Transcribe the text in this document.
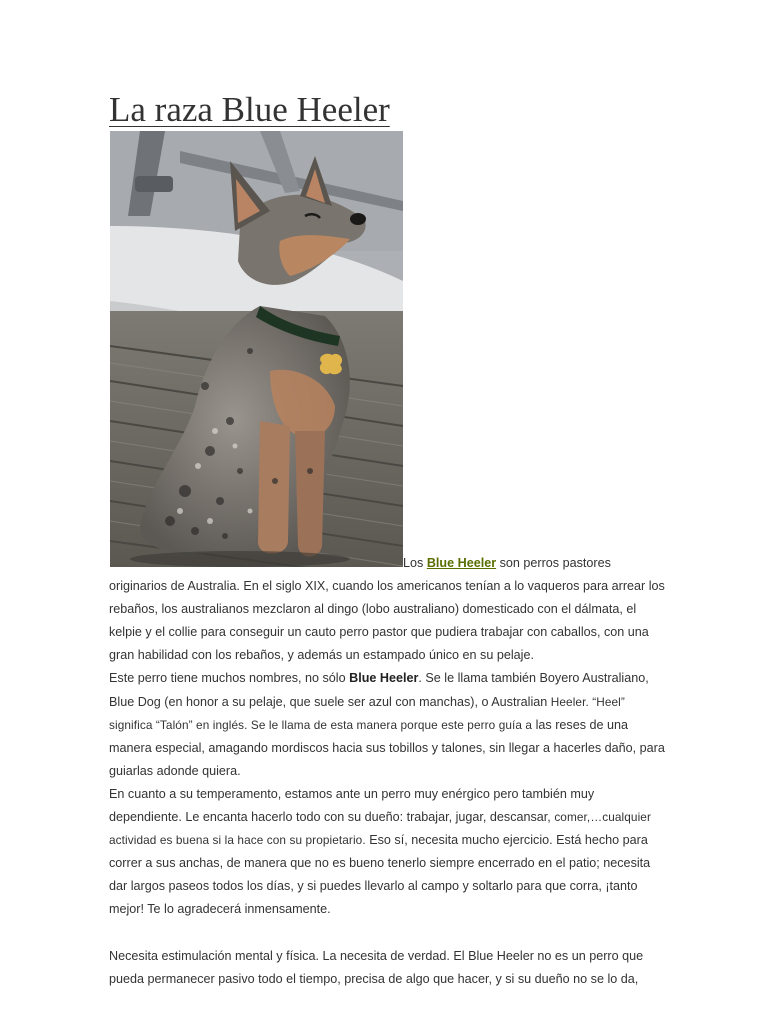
La raza Blue Heeler

Los Blue Heeler son perros pastores originarios de Australia. En el siglo XIX, cuando los americanos tenían a lo vaqueros para arrear los rebaños, los australianos mezclaron al dingo (lobo australiano) domesticado con el dálmata, el kelpie y el collie para conseguir un cauto perro pastor que pudiera trabajar con caballos, con una gran habilidad con los rebaños, y además un estampado único en su pelaje.

Este perro tiene muchos nombres, no sólo Blue Heeler. Se le llama también Boyero Australiano, Blue Dog (en honor a su pelaje, que suele ser azul con manchas), o Australian Heeler. “Heel” significa “Talón” en inglés. Se le llama de esta manera porque este perro guía a las reses de una manera especial, amagando mordiscos hacia sus tobillos y talones, sin llegar a hacerles daño, para guiarlas adonde quiera.

En cuanto a su temperamento, estamos ante un perro muy enérgico pero también muy dependiente. Le encanta hacerlo todo con su dueño: trabajar, jugar, descansar, comer,…cualquier actividad es buena si la hace con su propietario. Eso sí, necesita mucho ejercicio. Está hecho para correr a sus anchas, de manera que no es bueno tenerlo siempre encerrado en el patio; necesita dar largos paseos todos los días, y si puedes llevarlo al campo y soltarlo para que corra, ¡tanto mejor! Te lo agradecerá inmensamente.

Necesita estimulación mental y física. La necesita de verdad. El Blue Heeler no es un perro que pueda permanecer pasivo todo el tiempo, precisa de algo que hacer, y si su dueño no se lo da,
